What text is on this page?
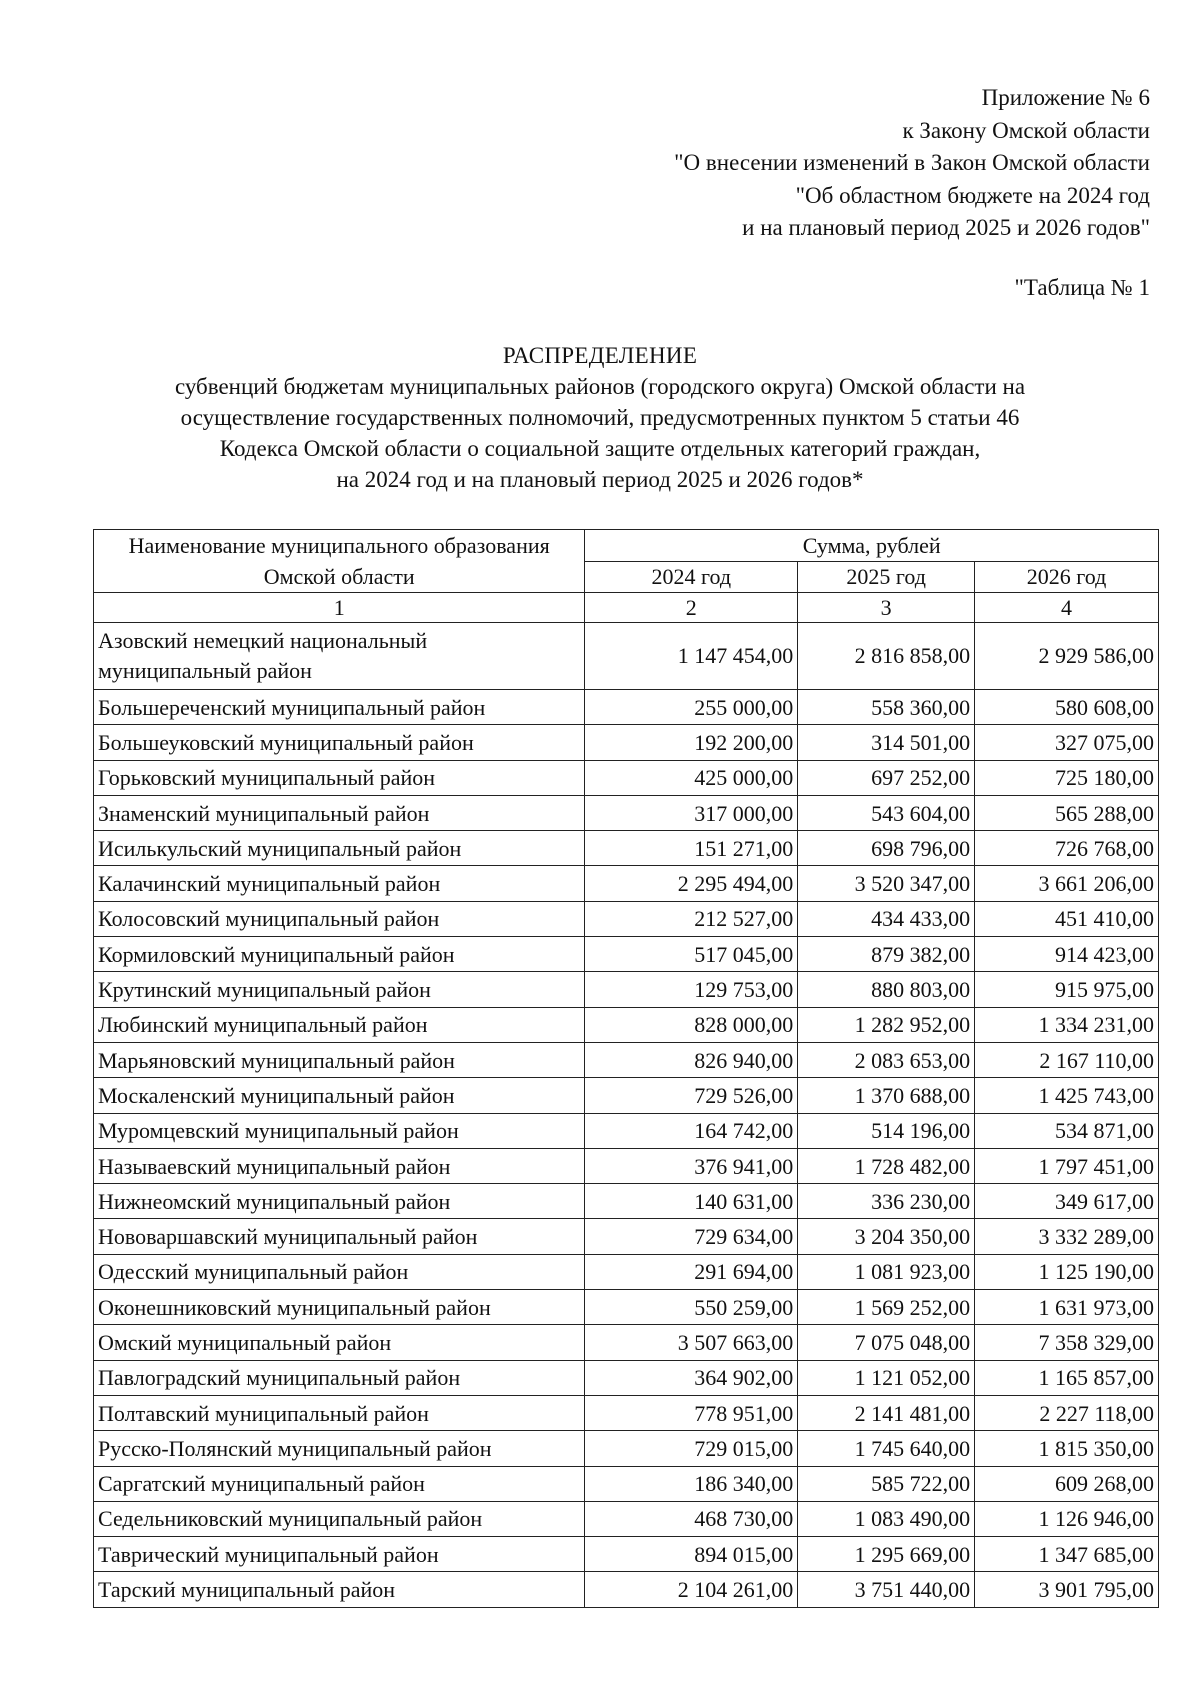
Приложение № 6
к Закону Омской области
"О внесении изменений в Закон Омской области
"Об областном бюджете на 2024 год
и на плановый период 2025 и 2026 годов"
"Таблица № 1
РАСПРЕДЕЛЕНИЕ
субвенций бюджетам муниципальных районов (городского округа) Омской области на
осуществление государственных полномочий, предусмотренных пунктом 5 статьи 46
Кодекса Омской области о социальной защите отдельных категорий граждан,
на 2024 год и на плановый период 2025 и 2026 годов*
Наименование муниципального образования Омской области	Сумма, рублей		
	2024 год	2025 год	2026 год
1	2	3	4
Азовский немецкий национальный муниципальный район	1 147 454,00	2 816 858,00	2 929 586,00
Большереченский муниципальный район	255 000,00	558 360,00	580 608,00
Большеуковский муниципальный район	192 200,00	314 501,00	327 075,00
Горьковский муниципальный район	425 000,00	697 252,00	725 180,00
Знаменский муниципальный район	317 000,00	543 604,00	565 288,00
Исилькульский муниципальный район	151 271,00	698 796,00	726 768,00
Калачинский муниципальный район	2 295 494,00	3 520 347,00	3 661 206,00
Колосовский муниципальный район	212 527,00	434 433,00	451 410,00
Кормиловский муниципальный район	517 045,00	879 382,00	914 423,00
Крутинский муниципальный район	129 753,00	880 803,00	915 975,00
Любинский муниципальный район	828 000,00	1 282 952,00	1 334 231,00
Марьяновский муниципальный район	826 940,00	2 083 653,00	2 167 110,00
Москаленский муниципальный район	729 526,00	1 370 688,00	1 425 743,00
Муромцевский муниципальный район	164 742,00	514 196,00	534 871,00
Называевский муниципальный район	376 941,00	1 728 482,00	1 797 451,00
Нижнеомский муниципальный район	140 631,00	336 230,00	349 617,00
Нововаршавский муниципальный район	729 634,00	3 204 350,00	3 332 289,00
Одесский муниципальный район	291 694,00	1 081 923,00	1 125 190,00
Оконешниковский муниципальный район	550 259,00	1 569 252,00	1 631 973,00
Омский муниципальный район	3 507 663,00	7 075 048,00	7 358 329,00
Павлоградский муниципальный район	364 902,00	1 121 052,00	1 165 857,00
Полтавский муниципальный район	778 951,00	2 141 481,00	2 227 118,00
Русско-Полянский муниципальный район	729 015,00	1 745 640,00	1 815 350,00
Саргатский муниципальный район	186 340,00	585 722,00	609 268,00
Седельниковский муниципальный район	468 730,00	1 083 490,00	1 126 946,00
Таврический муниципальный район	894 015,00	1 295 669,00	1 347 685,00
Тарский муниципальный район	2 104 261,00	3 751 440,00	3 901 795,00
